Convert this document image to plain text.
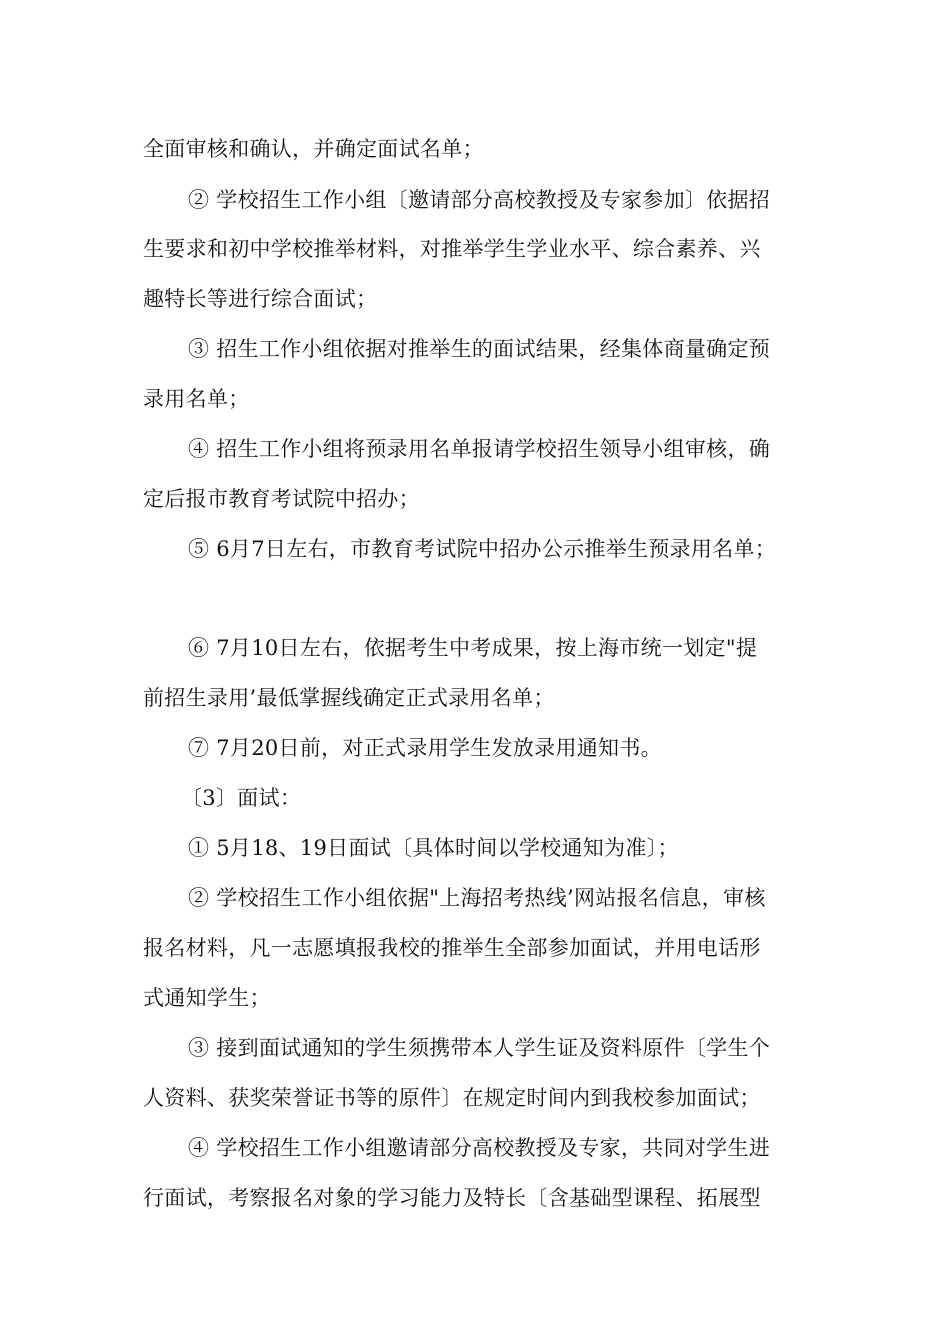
全面审核和确认，并确定面试名单；
② 学校招生工作小组〔邀请部分高校教授及专家参加〕依据招
生要求和初中学校推举材料，对推举学生学业水平、综合素养、兴
趣特长等进行综合面试；
③ 招生工作小组依据对推举生的面试结果，经集体商量确定预
录用名单；
④ 招生工作小组将预录用名单报请学校招生领导小组审核，确
定后报市教育考试院中招办；
⑤ 6月7日左右，市教育考试院中招办公示推举生预录用名单；
⑥ 7月10日左右，依据考生中考成果，按上海市统一划定"提
前招生录用’最低掌握线确定正式录用名单；
⑦ 7月20日前，对正式录用学生发放录用通知书。
〔3〕面试：
① 5月18、19日面试〔具体时间以学校通知为准〕；
② 学校招生工作小组依据"上海招考热线’网站报名信息，审核
报名材料，凡一志愿填报我校的推举生全部参加面试，并用电话形
式通知学生；
③ 接到面试通知的学生须携带本人学生证及资料原件〔学生个
人资料、获奖荣誉证书等的原件〕在规定时间内到我校参加面试；
④ 学校招生工作小组邀请部分高校教授及专家，共同对学生进
行面试，考察报名对象的学习能力及特长〔含基础型课程、拓展型
